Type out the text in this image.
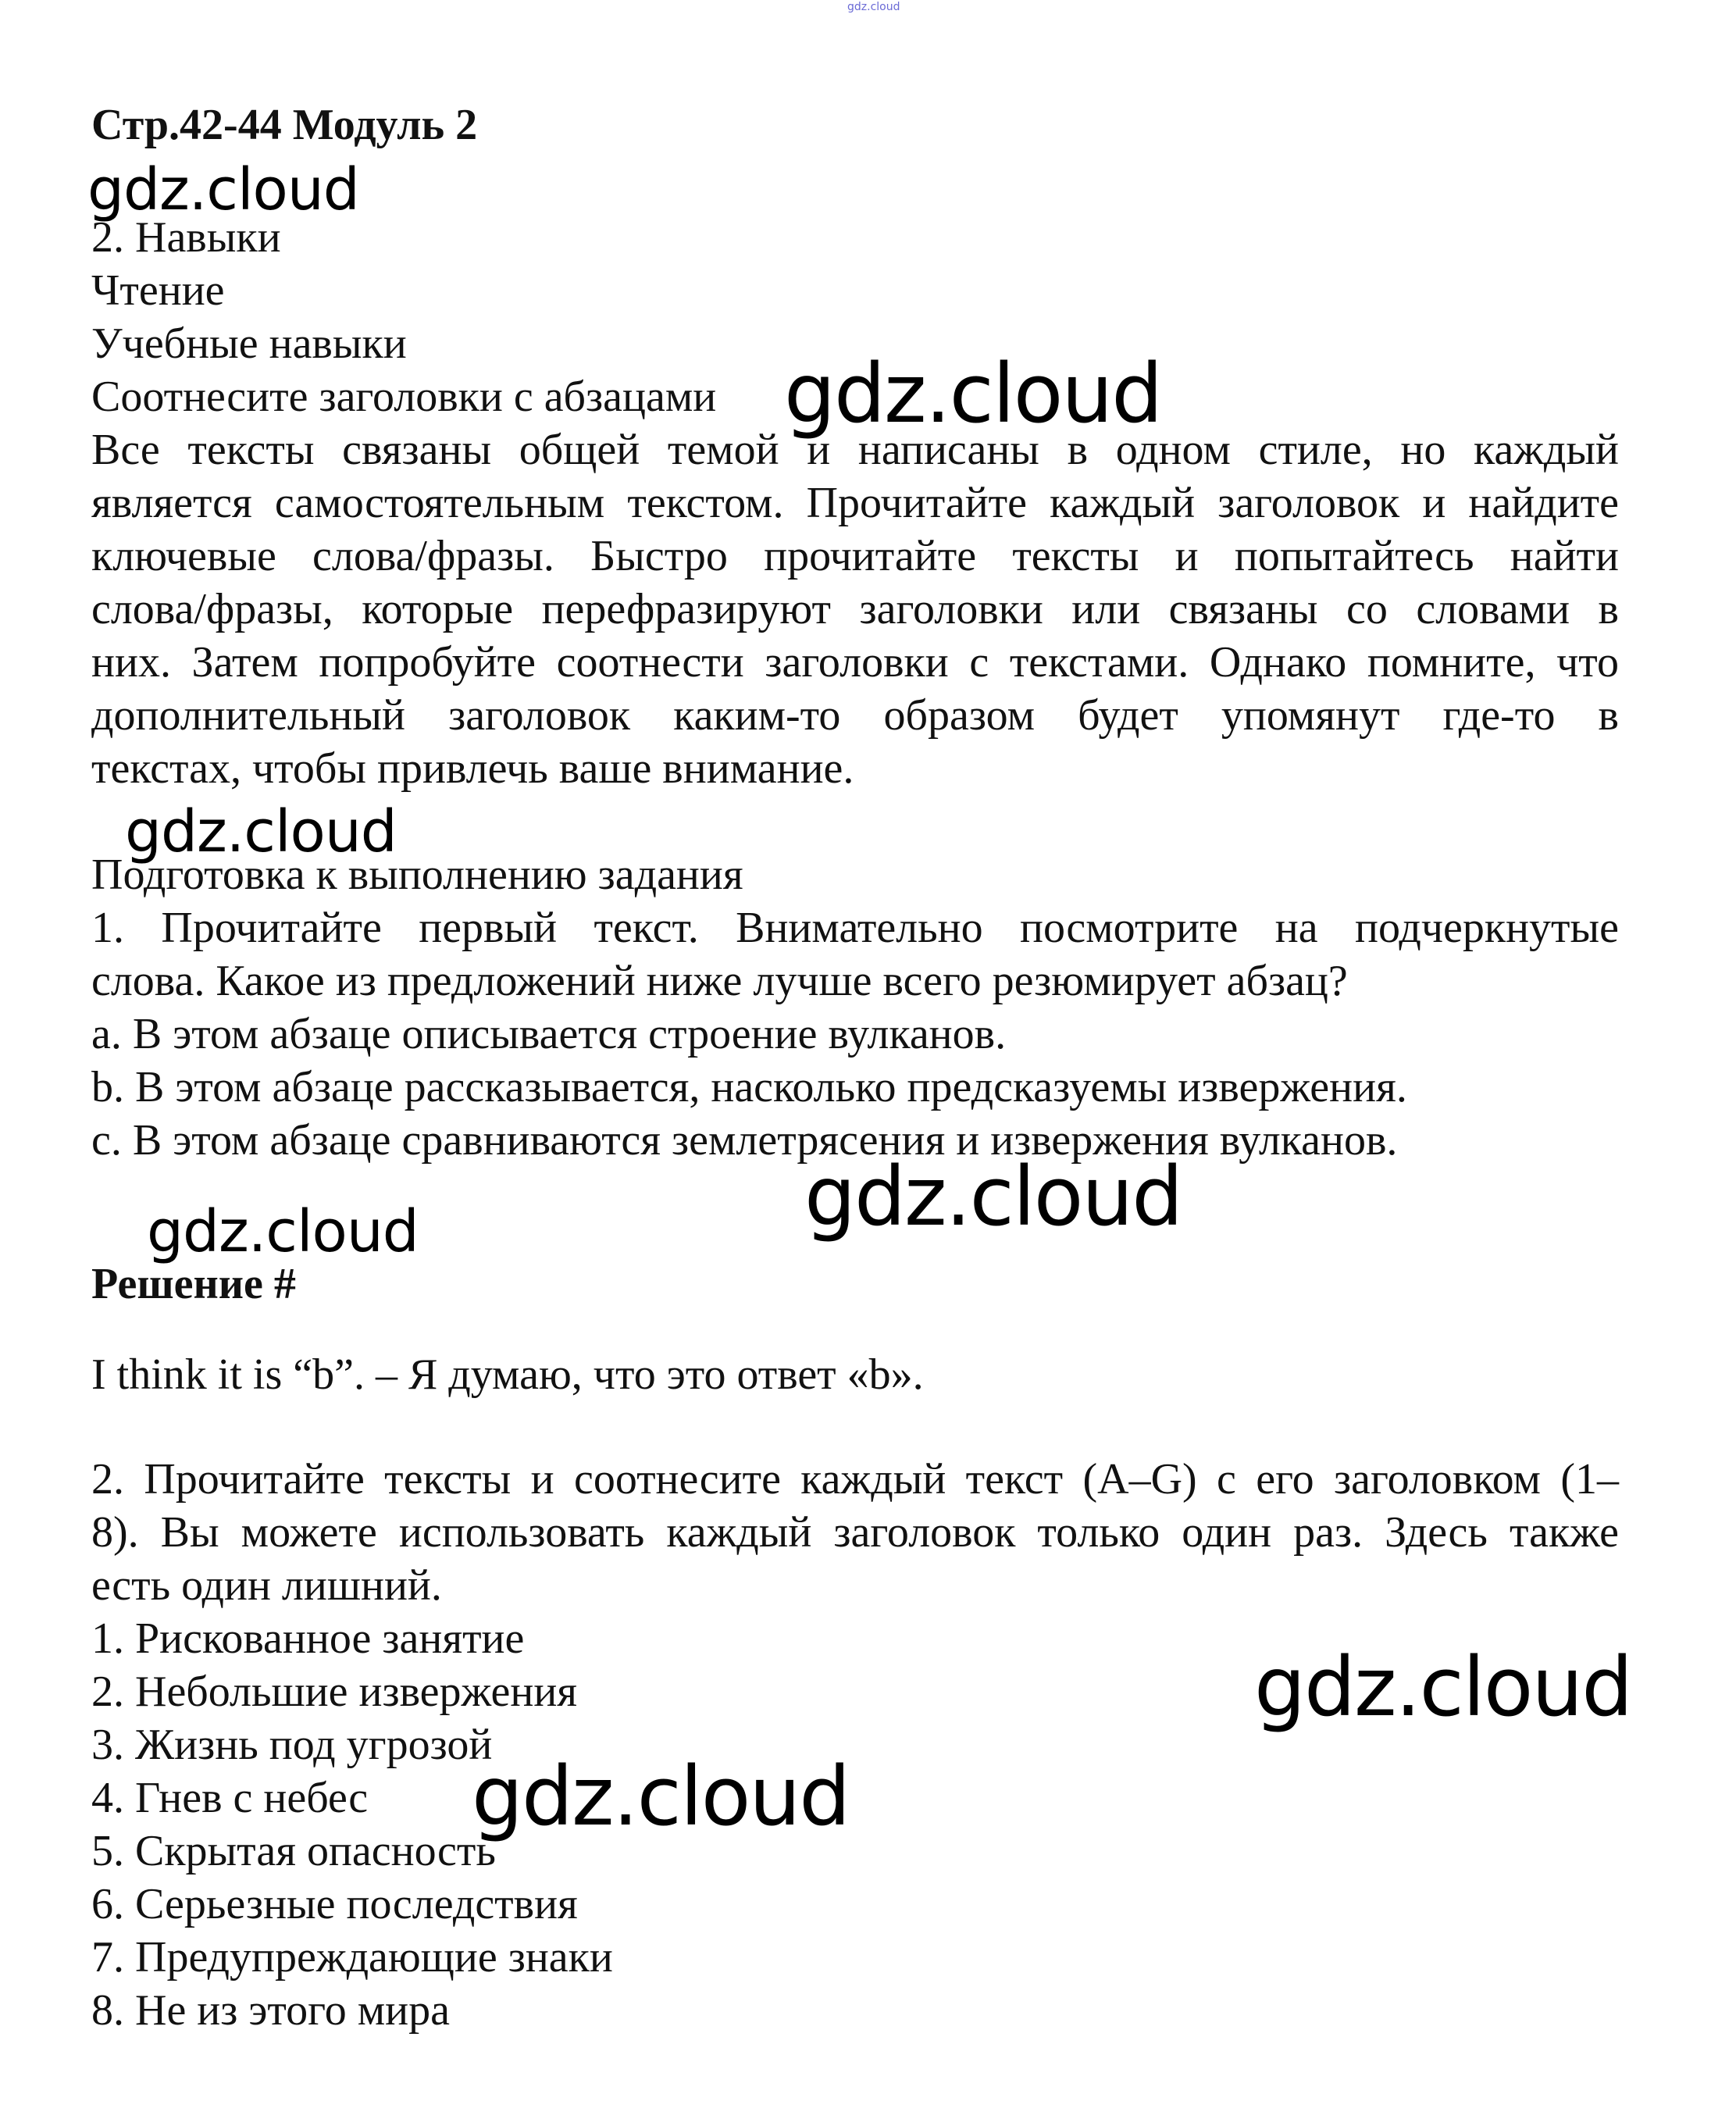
gdz.cloud
Стр.42-44 Модуль 2
gdz.cloud
2. Навыки
Чтение
Учебные навыки
Соотнесите заголовки с абзацами gdz.cloud
Все тексты связаны общей темой и написаны в одном стиле, но каждый
является самостоятельным текстом. Прочитайте каждый заголовок и найдите
ключевые слова/фразы. Быстро прочитайте тексты и попытайтесь найти
слова/фразы, которые перефразируют заголовки или связаны со словами в
них. Затем попробуйте соотнести заголовки с текстами. Однако помните, что
дополнительный заголовок каким-то образом будет упомянут где-то в
текстах, чтобы привлечь ваше внимание.
gdz.cloud
Подготовка к выполнению задания
1. Прочитайте первый текст. Внимательно посмотрите на подчеркнутые
слова. Какое из предложений ниже лучше всего резюмирует абзац?
a. В этом абзаце описывается строение вулканов.
b. В этом абзаце рассказывается, насколько предсказуемы извержения.
c. В этом абзаце сравниваются землетрясения и извержения вулканов.
gdz.cloud
gdz.cloud
Решение #
I think it is “b”. – Я думаю, что это ответ «b».
2. Прочитайте тексты и соотнесите каждый текст (A–G) с его заголовком (1–
8). Вы можете использовать каждый заголовок только один раз. Здесь также
есть один лишний.
1. Рискованное занятие
2. Небольшие извержения
3. Жизнь под угрозой
4. Гнев с небес
5. Скрытая опасность
6. Серьезные последствия
7. Предупреждающие знаки
8. Не из этого мира
gdz.cloud
gdz.cloud
